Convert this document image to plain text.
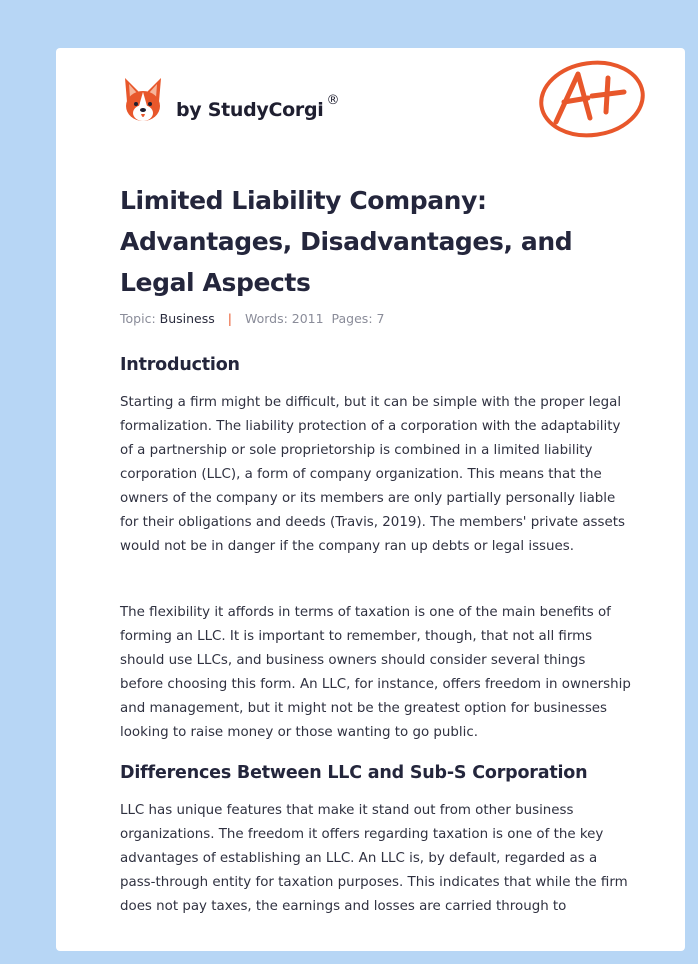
by StudyCorgi ®
Limited Liability Company: Advantages, Disadvantages, and Legal Aspects
Topic: Business | Words: 2011 Pages: 7
Introduction

Starting a firm might be difficult, but it can be simple with the proper legal formalization. The liability protection of a corporation with the adaptability of a partnership or sole proprietorship is combined in a limited liability corporation (LLC), a form of company organization. This means that the owners of the company or its members are only partially personally liable for their obligations and deeds (Travis, 2019). The members' private assets would not be in danger if the company ran up debts or legal issues.

The flexibility it affords in terms of taxation is one of the main benefits of forming an LLC. It is important to remember, though, that not all firms should use LLCs, and business owners should consider several things before choosing this form. An LLC, for instance, offers freedom in ownership and management, but it might not be the greatest option for businesses looking to raise money or those wanting to go public.

Differences Between LLC and Sub-S Corporation

LLC has unique features that make it stand out from other business organizations. The freedom it offers regarding taxation is one of the key advantages of establishing an LLC. An LLC is, by default, regarded as a pass-through entity for taxation purposes. This indicates that while the firm does not pay taxes, the earnings and losses are carried through to
